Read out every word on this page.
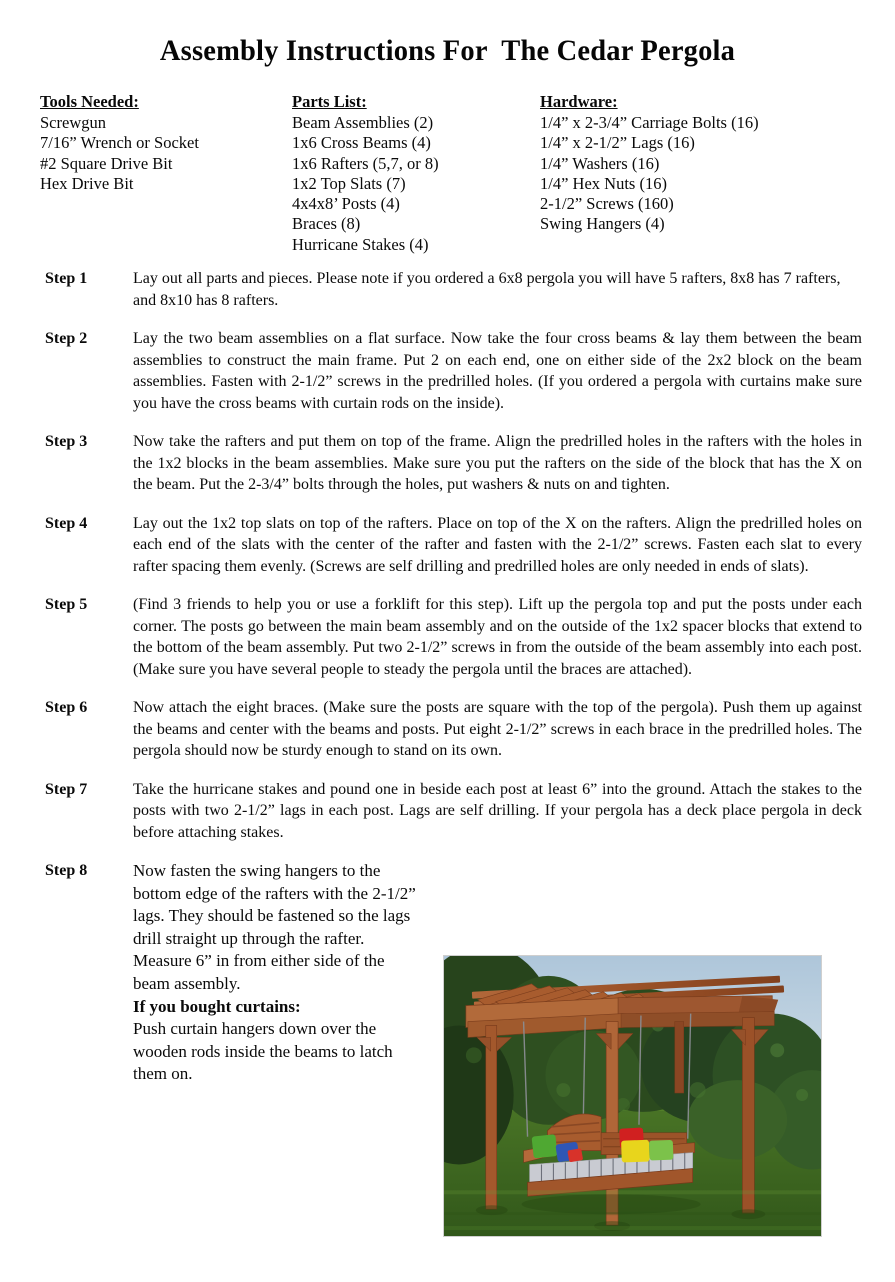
Assembly Instructions For  The Cedar Pergola
Tools Needed:
Screwgun
7/16” Wrench or Socket
#2 Square Drive Bit
Hex Drive Bit
Parts List:
Beam Assemblies (2)
1x6 Cross Beams (4)
1x6 Rafters (5,7, or 8)
1x2 Top Slats (7)
4x4x8’ Posts (4)
Braces (8)
Hurricane Stakes (4)
Hardware:
1/4” x 2-3/4” Carriage Bolts (16)
1/4” x 2-1/2” Lags (16)
1/4” Washers (16)
1/4” Hex Nuts (16)
2-1/2” Screws (160)
Swing Hangers (4)
Step 1	Lay out all parts and pieces. Please note if you ordered a 6x8 pergola you will have 5 rafters, 8x8 has 7 rafters, and 8x10 has 8 rafters.
Step 2	Lay the two beam assemblies on a flat surface. Now take the four cross beams & lay them between the beam assemblies to construct the main frame. Put 2 on each end, one on either side of the 2x2 block on the beam assemblies. Fasten with 2-1/2” screws in the predrilled holes. (If you ordered a pergola with curtains make sure you have the cross beams with curtain rods on the inside).
Step 3	Now take the rafters and put them on top of the frame. Align the predrilled holes in the rafters with the holes in the 1x2 blocks in the beam assemblies. Make sure you put the rafters on the side of the block that has the X on the beam. Put the 2-3/4” bolts through the holes, put washers & nuts on and tighten.
Step 4	Lay out the 1x2 top slats on top of the rafters. Place on top of the X on the rafters. Align the predrilled holes on each end of the slats with the center of the rafter and fasten with the 2-1/2” screws. Fasten each slat to every rafter spacing them evenly. (Screws are self drilling and predrilled holes are only needed in ends of slats).
Step 5	(Find 3 friends to help you or use a forklift for this step). Lift up the pergola top and put the posts under each corner. The posts go between the main beam assembly and on the outside of the 1x2 spacer blocks that extend to the bottom of the beam assembly. Put two 2-1/2” screws in from the outside of the beam assembly into each post. (Make sure you have several people to steady the pergola until the braces are attached).
Step 6	Now attach the eight braces. (Make sure the posts are square with the top of the pergola). Push them up against the beams and center with the beams and posts. Put eight 2-1/2” screws in each brace in the predrilled holes. The pergola should now be sturdy enough to stand on its own.
Step 7	Take the hurricane stakes and pound one in beside each post at least 6” into the ground. Attach the stakes to the posts with two 2-1/2” lags in each post. Lags are self drilling. If your pergola has a deck place pergola in deck before attaching stakes.
Step 8	Now fasten the swing hangers to the bottom edge of the rafters with the 2-1/2” lags. They should be fastened so the lags drill straight up through the rafter. Measure 6” in from either side of the beam assembly.
If you bought curtains:
Push curtain hangers down over the wooden rods inside the beams to latch them on.
